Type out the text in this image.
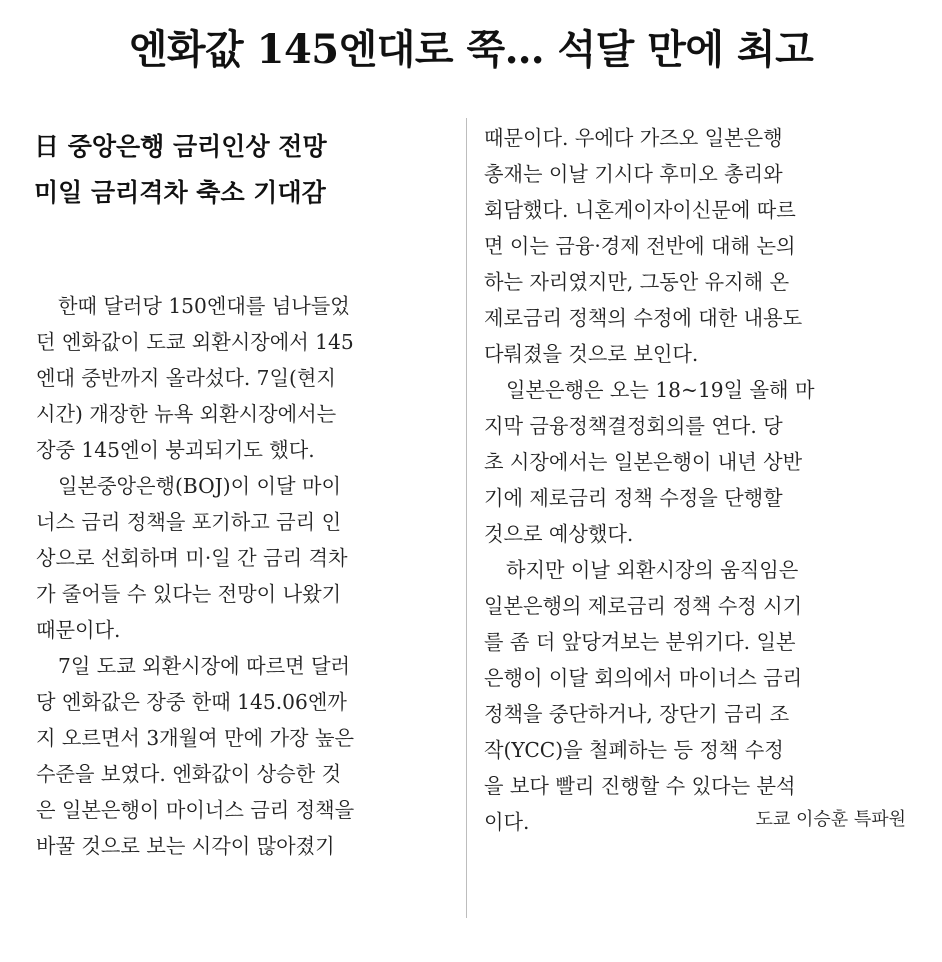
엔화값 145엔대로 쭉… 석달 만에 최고
日 중앙은행 금리인상 전망
미일 금리격차 축소 기대감
한때 달러당 150엔대를 넘나들었
던 엔화값이 도쿄 외환시장에서 145
엔대 중반까지 올라섰다. 7일(현지
시간) 개장한 뉴욕 외환시장에서는
장중 145엔이 붕괴되기도 했다.
일본중앙은행(BOJ)이 이달 마이
너스 금리 정책을 포기하고 금리 인
상으로 선회하며 미·일 간 금리 격차
가 줄어들 수 있다는 전망이 나왔기
때문이다.
7일 도쿄 외환시장에 따르면 달러
당 엔화값은 장중 한때 145.06엔까
지 오르면서 3개월여 만에 가장 높은
수준을 보였다. 엔화값이 상승한 것
은 일본은행이 마이너스 금리 정책을
바꿀 것으로 보는 시각이 많아졌기
때문이다. 우에다 가즈오 일본은행
총재는 이날 기시다 후미오 총리와
회담했다. 니혼게이자이신문에 따르
면 이는 금융·경제 전반에 대해 논의
하는 자리였지만, 그동안 유지해 온
제로금리 정책의 수정에 대한 내용도
다뤄졌을 것으로 보인다.
일본은행은 오는 18~19일 올해 마
지막 금융정책결정회의를 연다. 당
초 시장에서는 일본은행이 내년 상반
기에 제로금리 정책 수정을 단행할
것으로 예상했다.
하지만 이날 외환시장의 움직임은
일본은행의 제로금리 정책 수정 시기
를 좀 더 앞당겨보는 분위기다. 일본
은행이 이달 회의에서 마이너스 금리
정책을 중단하거나, 장단기 금리 조
작(YCC)을 철폐하는 등 정책 수정
을 보다 빨리 진행할 수 있다는 분석
이다.	도쿄 이승훈 특파원
